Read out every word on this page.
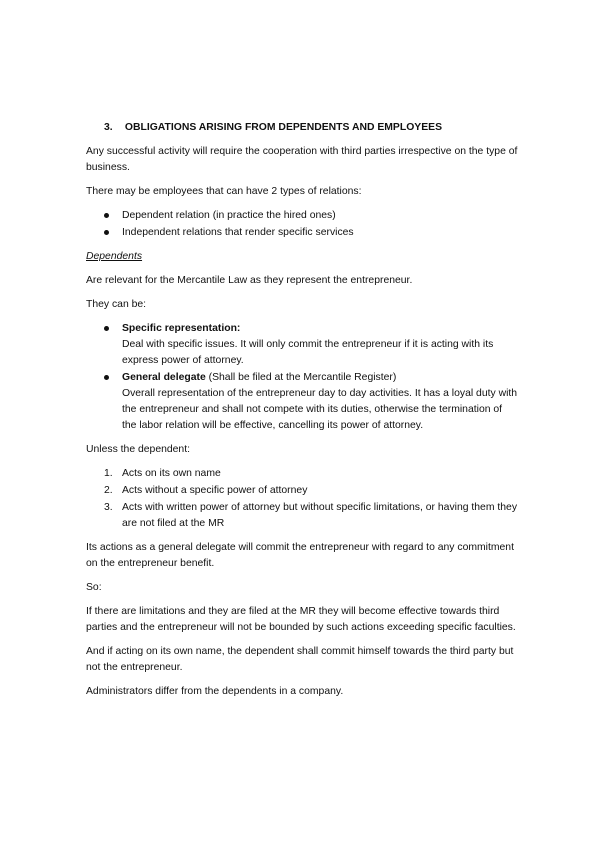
3. OBLIGATIONS ARISING FROM DEPENDENTS AND EMPLOYEES

Any successful activity will require the cooperation with third parties irrespective on the type of business.

There may be employees that can have 2 types of relations:

Dependent relation (in practice the hired ones)
Independent relations that render specific services

Dependents

Are relevant for the Mercantile Law as they represent the entrepreneur.

They can be:

Specific representation:
Deal with specific issues. It will only commit the entrepreneur if it is acting with its express power of attorney.
General delegate (Shall be filed at the Mercantile Register)
Overall representation of the entrepreneur day to day activities. It has a loyal duty with the entrepreneur and shall not compete with its duties, otherwise the termination of the labor relation will be effective, cancelling its power of attorney.

Unless the dependent:

1. Acts on its own name
2. Acts without a specific power of attorney
3. Acts with written power of attorney but without specific limitations, or having them they are not filed at the MR

Its actions as a general delegate will commit the entrepreneur with regard to any commitment on the entrepreneur benefit.

So:

If there are limitations and they are filed at the MR they will become effective towards third parties and the entrepreneur will not be bounded by such actions exceeding specific faculties.

And if acting on its own name, the dependent shall commit himself towards the third party but not the entrepreneur.

Administrators differ from the dependents in a company.
